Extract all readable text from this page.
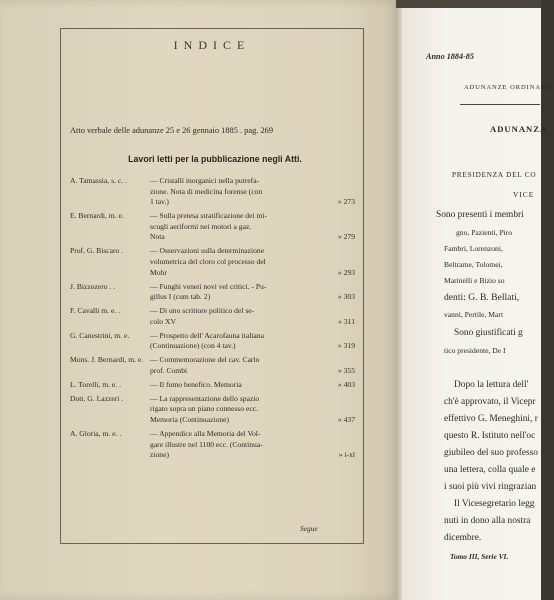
INDICE
Atto verbale delle adunanze 25 e 26 gennaio 1885 . pag. 269
Lavori letti per la pubblicazione negli Atti.
A. Tamassia, s. c. .	— Cristalli inorganici nella putrefa-
zione. Nota di medicina forense (con
1 tav.)	» 273
E. Bernardi, m. e.	— Sulla pretesa stratificazione dei mi-
scugli aeriformi nei motori a gaz.
Nota	» 279
Prof. G. Biscaro .	— Osservazioni sulla determinazione
volumetrica del cloro col processo del
Mohr	» 293
J. Bizzozero . .	— Funghi veneti novi vel critici. - Pu-
gillus I (cum tab. 2)	» 303
F. Cavalli m. e. .	— Di uno scrittore politico del se-
colo XV	» 311
G. Canestrini, m. e.	— Prospetto dell' Acarofauna italiana
(Continuazione) (con 4 tav.)	» 319
Mons. J. Bernardi, m. e. — Commemorazione del cav. Carlo
prof. Combi	» 355
L. Torelli, m. e. .	— Il fumo benefico. Memoria	» 403
Dott. G. Lazzeri .	— La rappresentazione dello spazio
rigato sopra un piano connesso ecc.
Memoria (Continuazione)	» 437
A. Gloria, m. e. .	— Appendice alla Memoria del Vol-
gare illustre nel 1100 ecc. (Continua-
zione)	» i-xl
Segue
Anno 1884-85
ADUNANZE ORDINARIE
ADUNANZA
PRESIDENZA DEL CO
VICE
Sono presenti i membri
gno, Pazienti, Piro
Fambri, Lorenzoni,
Beltrame, Tolomei,
Marinelli e Bizio so
denti: G. B. Bellati,
vanni, Pertile, Mart
Sono giustificati g
tico presidente, De I
Dopo la lettura dell'
ch'è approvato, il Vicepr
effettivo G. Meneghini, r
questo R. Istituto nell'oc
giubileo del suo professo
una lettera, colla quale e
i suoi più vivi ringrazian
Il Vicesegretario legg
nuti in dono alla nostra
dicembre.
Tomo III, Serie VI.
